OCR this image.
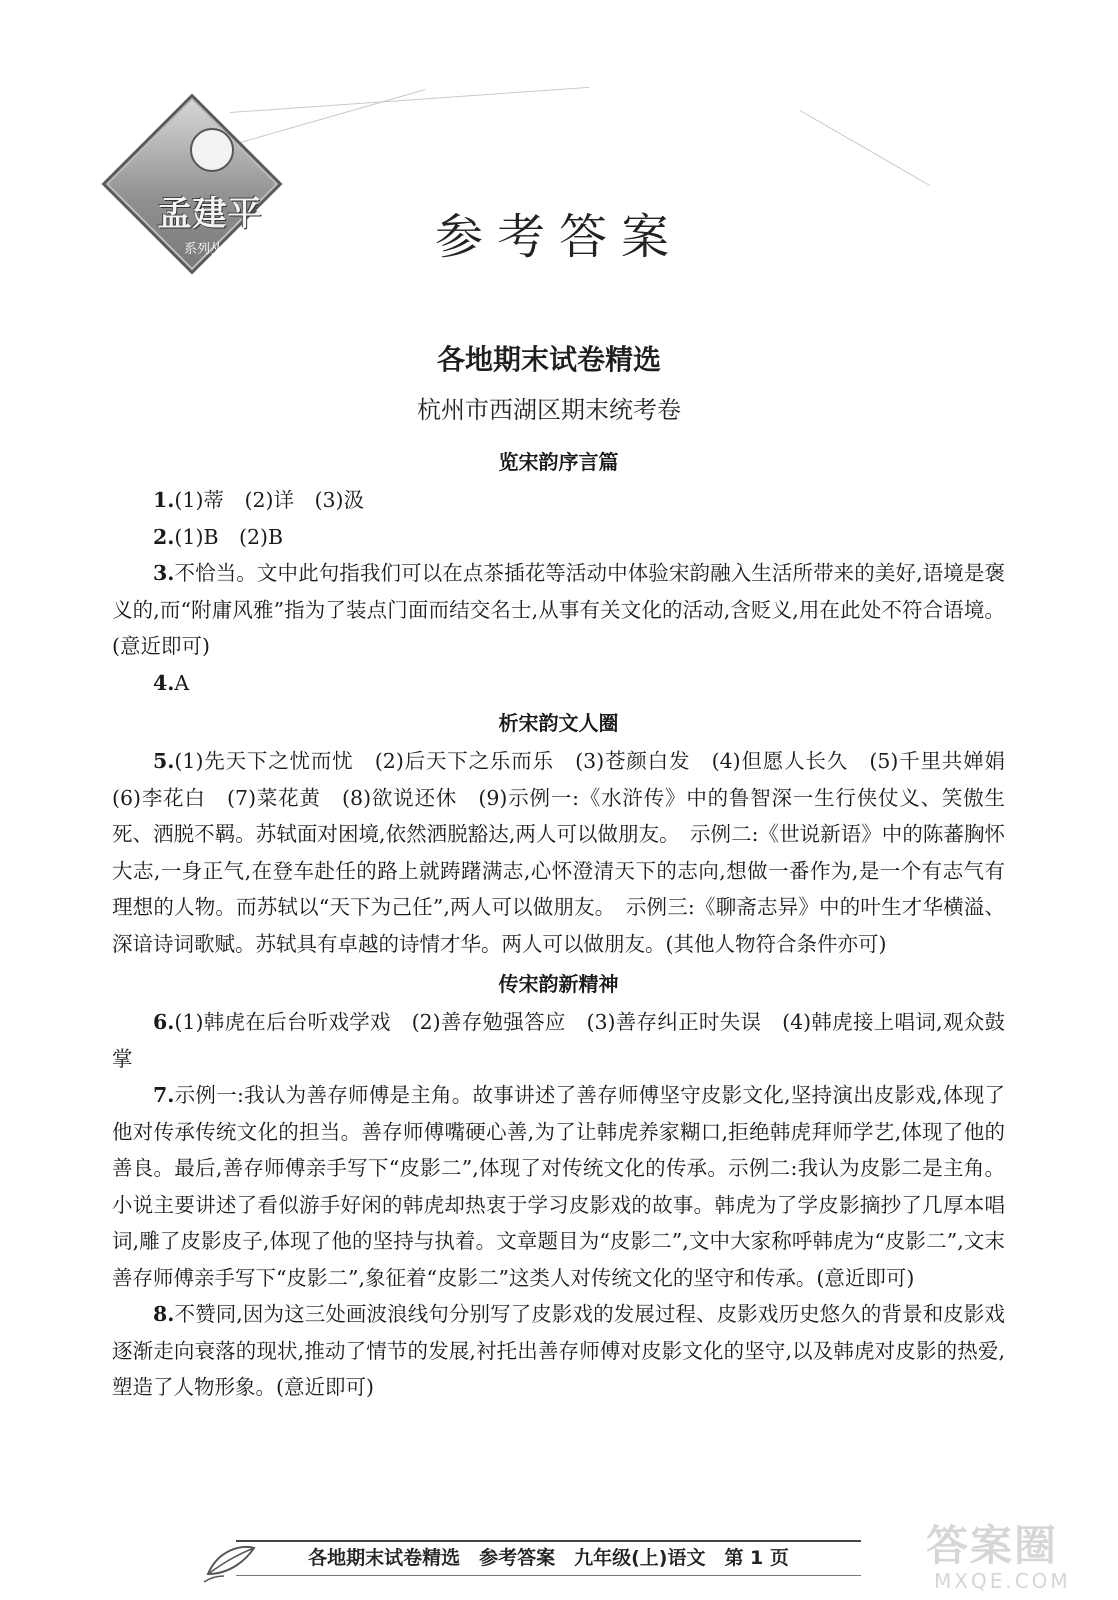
孟建平
系列丛书	参考答案
各地期末试卷精选
杭州市西湖区期末统考卷
览宋韵序言篇

1.(1)蒂　(2)详　(3)汲

2.(1)B　(2)B

3.不恰当。文中此句指我们可以在点茶插花等活动中体验宋韵融入生活所带来的美好,语境是褒义的,而“附庸风雅”指为了装点门面而结交名士,从事有关文化的活动,含贬义,用在此处不符合语境。(意近即可)

4.A

析宋韵文人圈

5.(1)先天下之忧而忧　(2)后天下之乐而乐　(3)苍颜白发　(4)但愿人长久　(5)千里共婵娟　(6)李花白　(7)菜花黄　(8)欲说还休　(9)示例一:《水浒传》中的鲁智深一生行侠仗义、笑傲生死、洒脱不羁。苏轼面对困境,依然洒脱豁达,两人可以做朋友。　示例二:《世说新语》中的陈蕃胸怀大志,一身正气,在登车赴任的路上就踌躇满志,心怀澄清天下的志向,想做一番作为,是一个有志气有理想的人物。而苏轼以“天下为己任”,两人可以做朋友。　示例三:《聊斋志异》中的叶生才华横溢、深谙诗词歌赋。苏轼具有卓越的诗情才华。两人可以做朋友。(其他人物符合条件亦可)

传宋韵新精神

6.(1)韩虎在后台听戏学戏　(2)善存勉强答应　(3)善存纠正时失误　(4)韩虎接上唱词,观众鼓掌

7.示例一:我认为善存师傅是主角。故事讲述了善存师傅坚守皮影文化,坚持演出皮影戏,体现了他对传承传统文化的担当。善存师傅嘴硬心善,为了让韩虎养家糊口,拒绝韩虎拜师学艺,体现了他的善良。最后,善存师傅亲手写下“皮影二”,体现了对传统文化的传承。示例二:我认为皮影二是主角。小说主要讲述了看似游手好闲的韩虎却热衷于学习皮影戏的故事。韩虎为了学皮影摘抄了几厚本唱词,雕了皮影皮子,体现了他的坚持与执着。文章题目为“皮影二”,文中大家称呼韩虎为“皮影二”,文末善存师傅亲手写下“皮影二”,象征着“皮影二”这类人对传统文化的坚守和传承。(意近即可)

8.不赞同,因为这三处画波浪线句分别写了皮影戏的发展过程、皮影戏历史悠久的背景和皮影戏逐渐走向衰落的现状,推动了情节的发展,衬托出善存师傅对皮影文化的坚守,以及韩虎对皮影的热爱,塑造了人物形象。(意近即可)

各地期末试卷精选　参考答案　九年级(上)语文　第 1 页	答案圈
MXQE.COM
